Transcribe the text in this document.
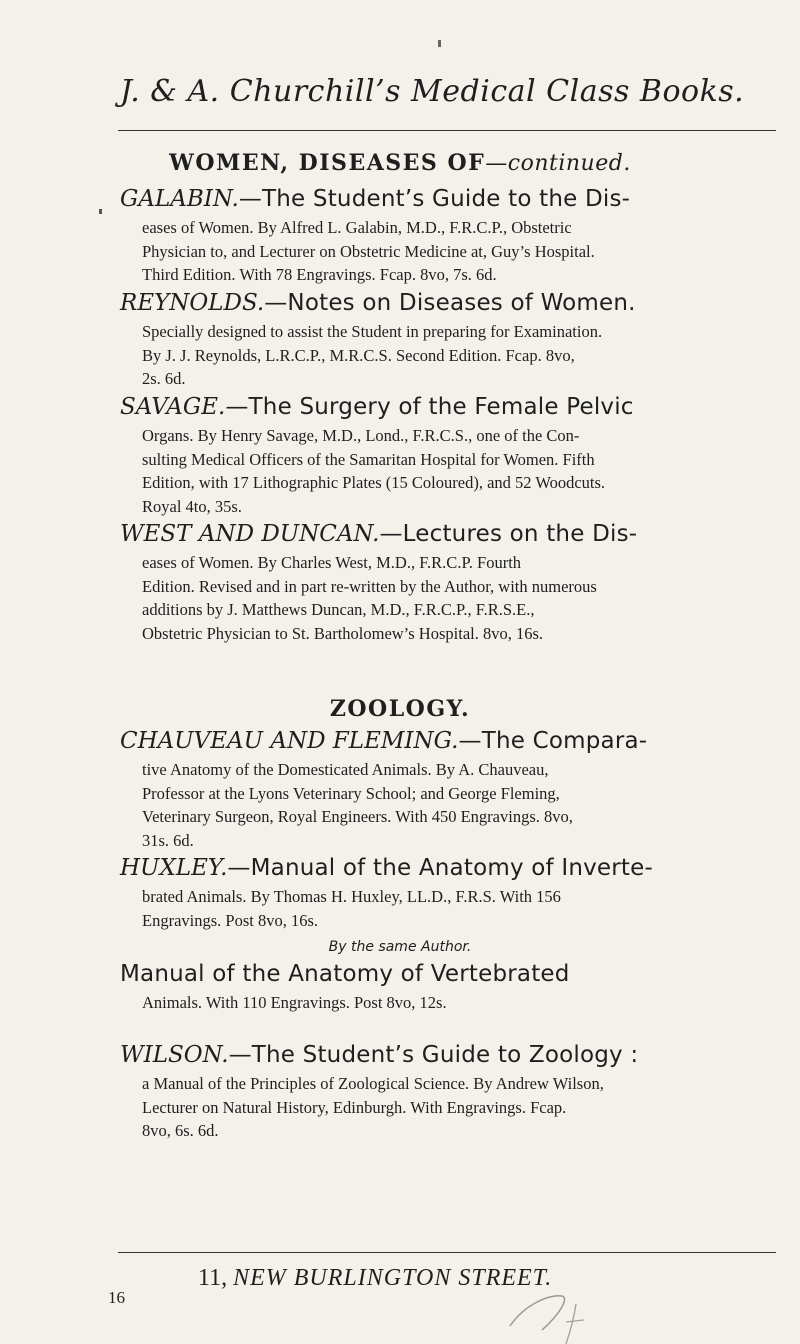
J. & A. Churchill’s Medical Class Books.
WOMEN, DISEASES OF—continued.
GALABIN.—The Student’s Guide to the Dis-
eases of Women. By Alfred L. Galabin, M.D., F.R.C.P., Obstetric
Physician to, and Lecturer on Obstetric Medicine at, Guy’s Hospital.
Third Edition. With 78 Engravings. Fcap. 8vo, 7s. 6d.
REYNOLDS.—Notes on Diseases of Women.
Specially designed to assist the Student in preparing for Examination.
By J. J. Reynolds, L.R.C.P., M.R.C.S. Second Edition. Fcap. 8vo,
2s. 6d.
SAVAGE.—The Surgery of the Female Pelvic
Organs. By Henry Savage, M.D., Lond., F.R.C.S., one of the Con-
sulting Medical Officers of the Samaritan Hospital for Women. Fifth
Edition, with 17 Lithographic Plates (15 Coloured), and 52 Woodcuts.
Royal 4to, 35s.
WEST AND DUNCAN.—Lectures on the Dis-
eases of Women. By Charles West, M.D., F.R.C.P. Fourth
Edition. Revised and in part re-written by the Author, with numerous
additions by J. Matthews Duncan, M.D., F.R.C.P., F.R.S.E.,
Obstetric Physician to St. Bartholomew’s Hospital. 8vo, 16s.
ZOOLOGY.
CHAUVEAU AND FLEMING.—The Compara-
tive Anatomy of the Domesticated Animals. By A. Chauveau,
Professor at the Lyons Veterinary School; and George Fleming,
Veterinary Surgeon, Royal Engineers. With 450 Engravings. 8vo,
31s. 6d.
HUXLEY.—Manual of the Anatomy of Inverte-
brated Animals. By Thomas H. Huxley, LL.D., F.R.S. With 156
Engravings. Post 8vo, 16s.
By the same Author.
Manual of the Anatomy of Vertebrated
Animals. With 110 Engravings. Post 8vo, 12s.
WILSON.—The Student’s Guide to Zoology :
a Manual of the Principles of Zoological Science. By Andrew Wilson,
Lecturer on Natural History, Edinburgh. With Engravings. Fcap.
8vo, 6s. 6d.
11, NEW BURLINGTON STREET.
16
